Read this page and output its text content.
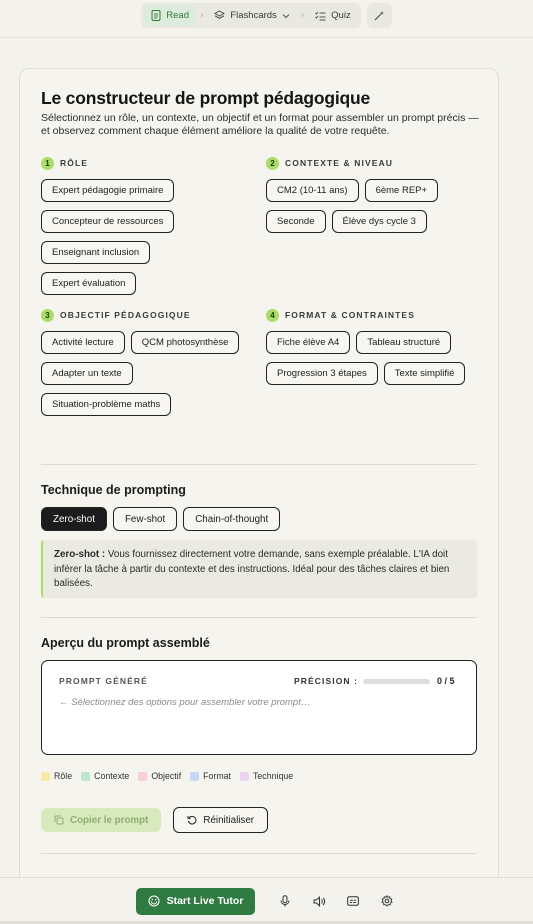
Read	›	Flashcards	›	Quiz
Le constructeur de prompt pédagogique
Sélectionnez un rôle, un contexte, un objectif et un format pour assembler un prompt précis — et observez comment chaque élément améliore la qualité de votre requête.
1	RÔLE
Expert pédagogie primaire
Concepteur de ressources
Enseignant inclusion
Expert évaluation
2	CONTEXTE & NIVEAU
CM2 (10-11 ans)	6ème REP+
Seconde	Élève dys cycle 3
3	OBJECTIF PÉDAGOGIQUE
Activité lecture	QCM photosynthèse
Adapter un texte
Situation-problème maths
4	FORMAT & CONTRAINTES
Fiche élève A4	Tableau structuré
Progression 3 étapes	Texte simplifié
Technique de prompting
Zero-shot	Few-shot	Chain-of-thought
Zero-shot : Vous fournissez directement votre demande, sans exemple préalable. L'IA doit inférer la tâche à partir du contexte et des instructions. Idéal pour des tâches claires et bien balisées.
Aperçu du prompt assemblé
PROMPT GÉNÉRÉ	PRÉCISION :	0 / 5
← Sélectionnez des options pour assembler votre prompt…
Rôle	Contexte	Objectif	Format	Technique
Copier le prompt	Réinitialiser
Start Live Tutor
